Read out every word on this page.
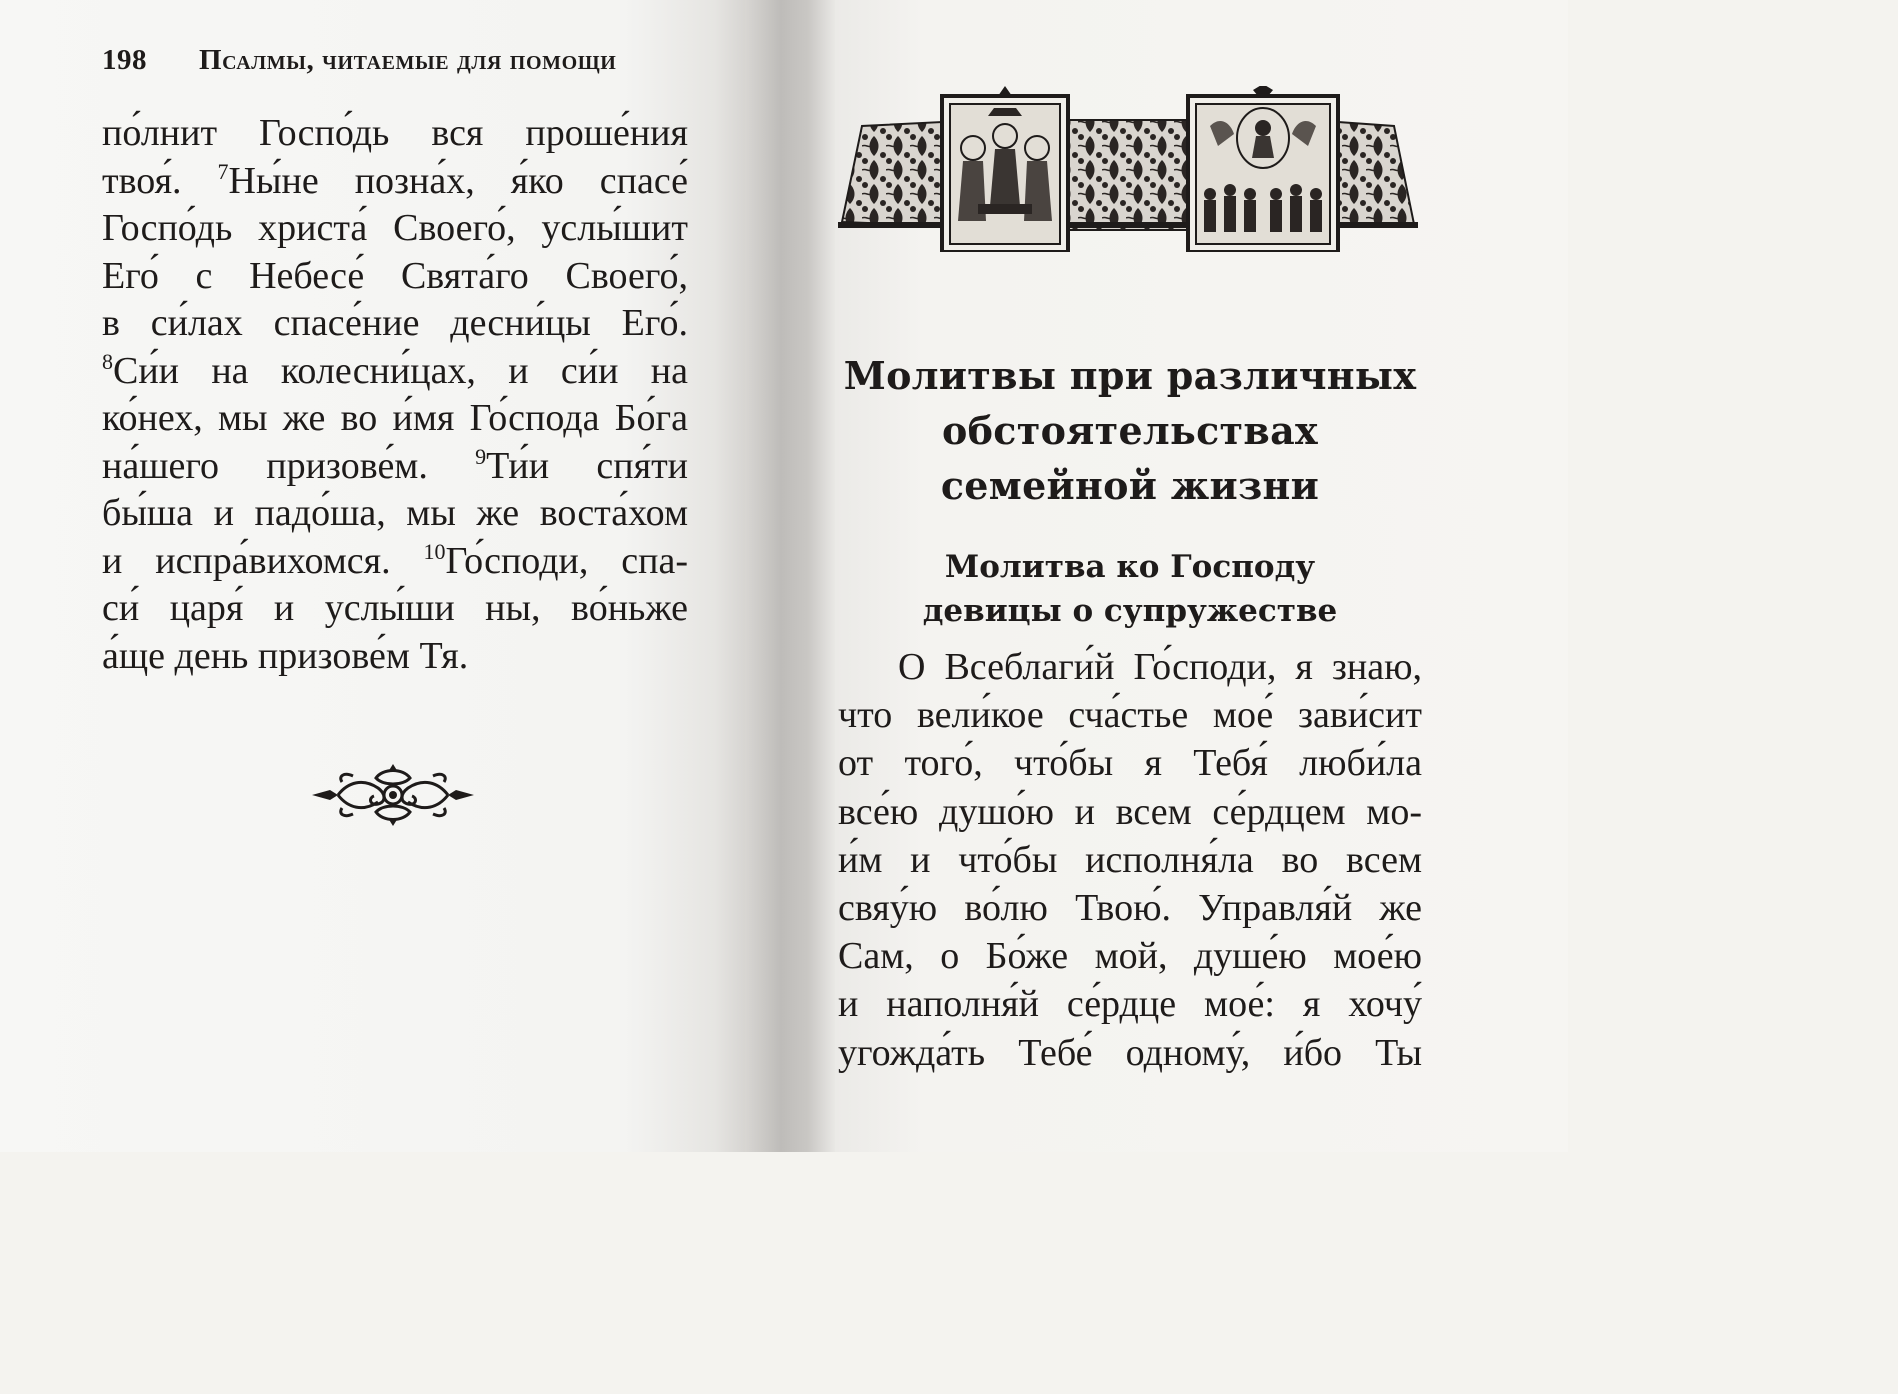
198 Псалмы, читаемые для помощи
по́лнит Госпо́дь вся проше́ния
твоя́. $^7$Ны́не позна́х, я́ко спасе́
Госпо́дь христа́ Своего́, услы́шит
Его́ с Небесе́ Свята́го Своего́,
в си́лах спасе́ние десни́цы Его́.
$^8$Си́и на колесни́цах, и си́и на
ко́нех, мы же во и́мя Го́спода Бо́га
на́шего призове́м. $^9$Ти́и спя́ти
бы́ша и падо́ша, мы же воста́хом
и испра́вихомся. $^{10}$Го́споди, спа-
си́ царя́ и услы́ши ны, во́ньже
а́ще день призове́м Тя.
Молитвы при различных
обстоятельствах
семейной жизни
Молитва ко Господу
девицы о супружестве
О Всеблаги́й Го́споди, я знаю,
что вели́кое сча́стье мое́ зави́сит
от того́, что́бы я Тебя́ люби́ла
все́ю душо́ю и всем се́рдцем мо-
и́м и что́бы исполня́ла во всем
свяу́ю во́лю Твою́. Управля́й же
Сам, о Бо́же мой, душе́ю мое́ю
и наполня́й се́рдце мое́: я хочу́
угожда́ть Тебе́ одному́, и́бо Ты
